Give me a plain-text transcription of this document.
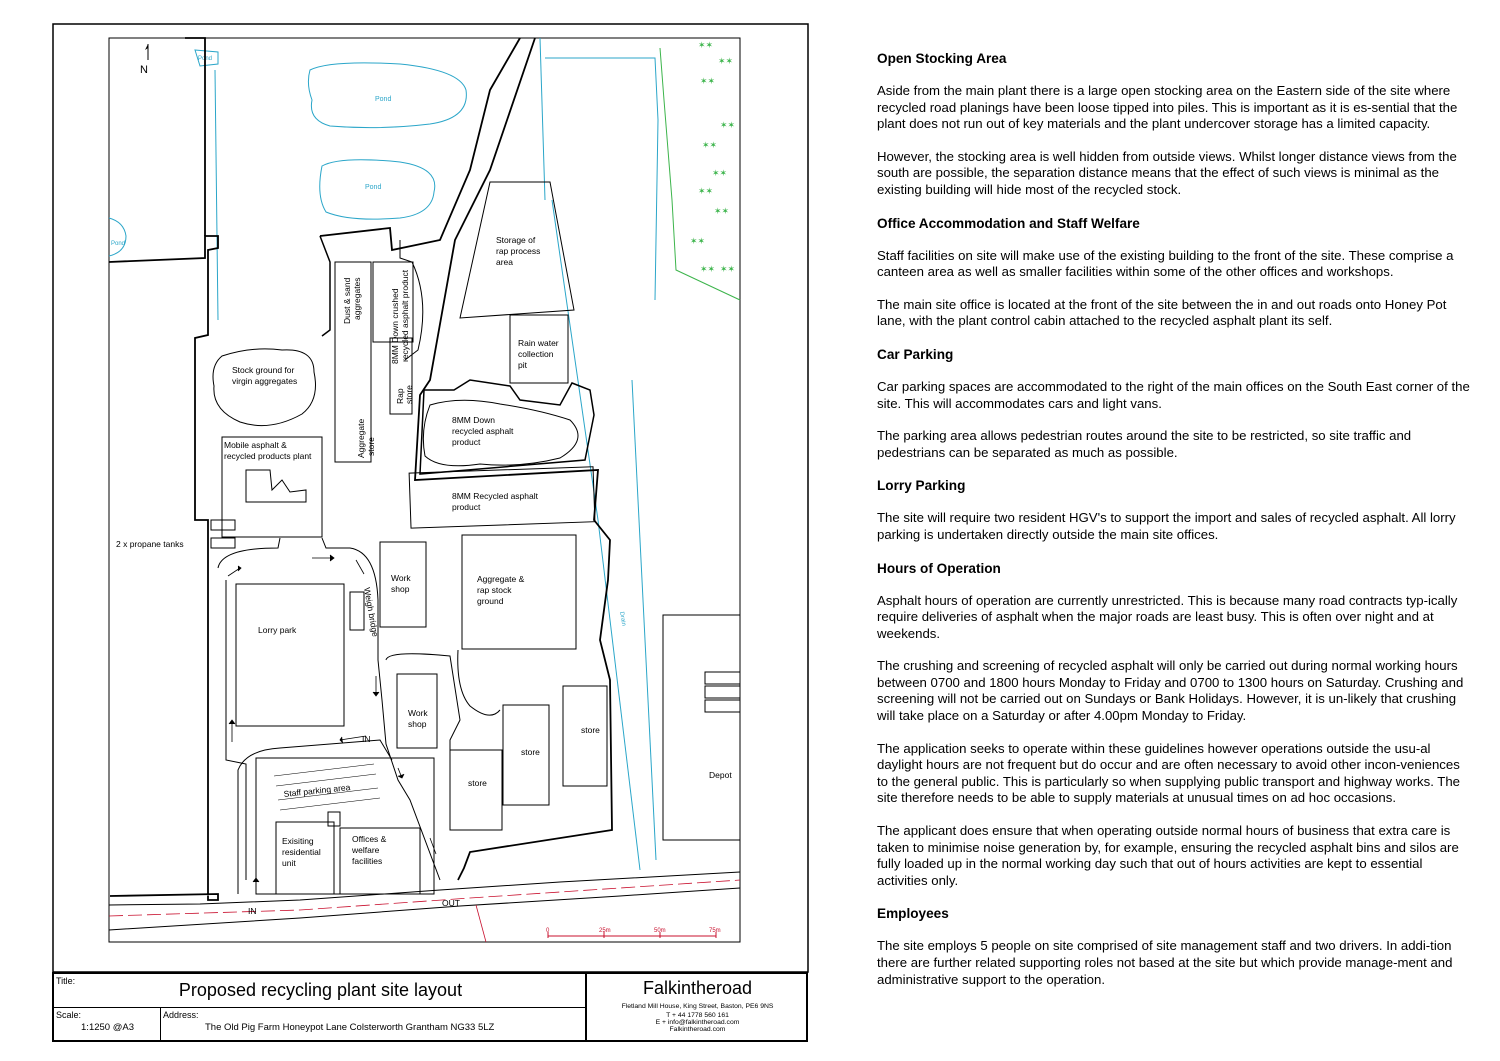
N
Pond
Pond
Pond
Pond
✶✶
✶✶
✶✶
✶✶
✶✶
✶✶
✶✶
✶✶
✶✶
✶✶ ✶✶
0	25m	50m	75m
Storage of
rap process
area
Rain water
collection
pit
Stock ground for
virgin aggregates
8MM Down
recycled asphalt
product
Mobile asphalt &
recycled products plant
8MM Recycled asphalt
product
2 x propane tanks
Work
shop
Aggregate &
rap stock
ground
Lorry park
Work
shop
store
store
store
Depot
Staff parking area
Exisiting
residential
unit
Offices &
welfare
facilities
IN
IN
OUT
Dust & sand aggregates	8MM Down crushed recycled asphalt product
Rap store
Aggregate store
Weigh bridge	Drain
Title:	Proposed recycling plant site layout
Scale:
1:1250 @A3
Address:
The Old Pig Farm Honeypot Lane Colsterworth Grantham NG33 5LZ
Falkintheroad
Fletland Mill House, King Street, Baston, PE6 9NS
T + 44 1778 560 161
E + info@falkintheroad.com
Falkintheroad.com
Open Stocking Area

Aside from the main plant there is a large open stocking area on the Eastern side of the site where recycled road planings have been loose tipped into piles. This is important as it is es-sential that the plant does not run out of key materials and the plant undercover storage has a limited capacity.

However, the stocking area is well hidden from outside views. Whilst longer distance views from the south are possible, the separation distance means that the effect of such views is minimal as the existing building will hide most of the recycled stock.

Office Accommodation and Staff Welfare

Staff facilities on site will make use of the existing building to the front of the site. These comprise a canteen area as well as smaller facilities within some of the other offices and workshops.

The main site office is located at the front of the site between the in and out roads onto Honey Pot lane, with the plant control cabin attached to the recycled asphalt plant its self.

Car Parking

Car parking spaces are accommodated to the right of the main offices on the South East corner of the site. This will accommodates cars and light vans.

The parking area allows pedestrian routes around the site to be restricted, so site traffic and pedestrians can be separated as much as possible.

Lorry Parking

The site will require two resident HGV's to support the import and sales of recycled asphalt. All lorry parking is undertaken directly outside the main site offices.

Hours of Operation

Asphalt hours of operation are currently unrestricted. This is because many road contracts typ-ically require deliveries of asphalt when the major roads are least busy. This is often over night and at weekends.

The crushing and screening of recycled asphalt will only be carried out during normal working hours between 0700 and 1800 hours Monday to Friday and 0700 to 1300 hours on Saturday. Crushing and screening will not be carried out on Sundays or Bank Holidays. However, it is un-likely that crushing will take place on a Saturday or after 4.00pm Monday to Friday.

The application seeks to operate within these guidelines however operations outside the usu-al daylight hours are not frequent but do occur and are often necessary to avoid other incon-veniences to the general public. This is particularly so when supplying public transport and highway works. The site therefore needs to be able to supply materials at unusual times on ad hoc occasions.

The applicant does ensure that when operating outside normal hours of business that extra care is taken to minimise noise generation by, for example, ensuring the recycled asphalt bins and silos are fully loaded up in the normal working day such that out of hours activities are kept to essential activities only.

Employees

The site employs 5 people on site comprised of site management staff and two drivers. In addi-tion there are further related supporting roles not based at the site but which provide manage-ment and administrative support to the operation.
